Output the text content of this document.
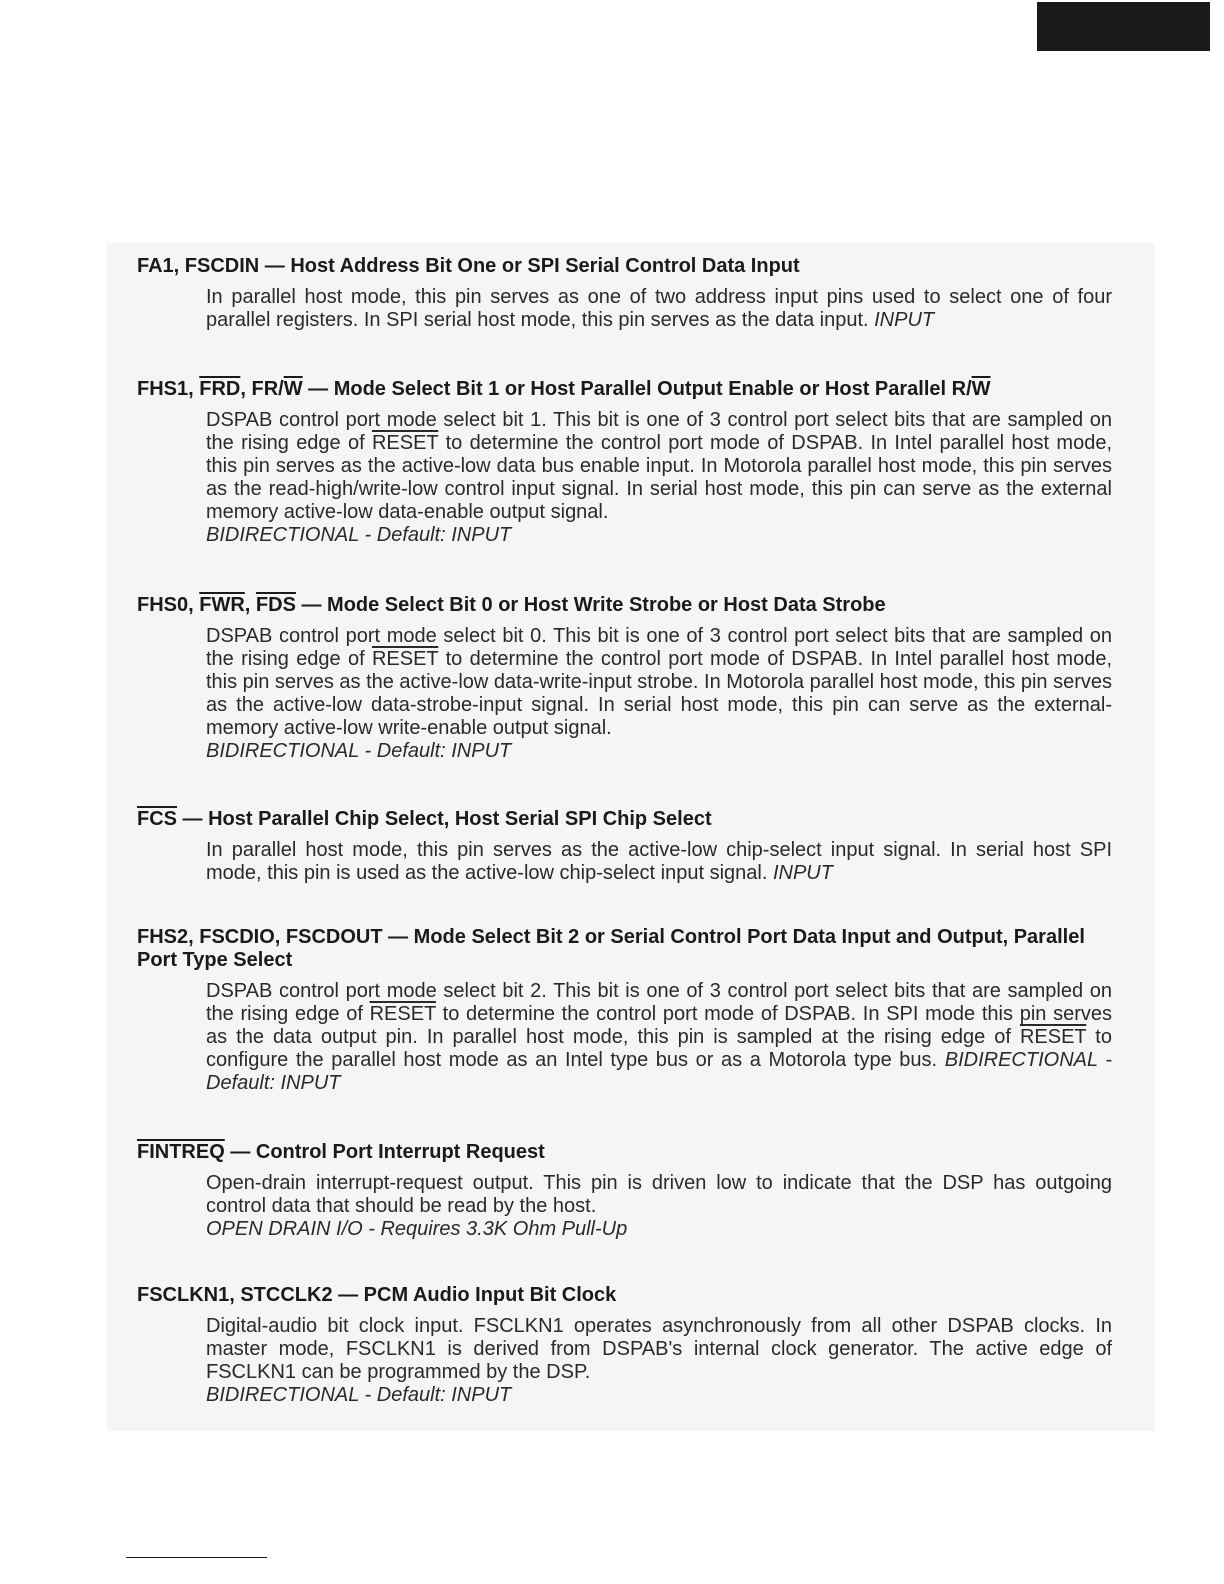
FA1, FSCDIN — Host Address Bit One or SPI Serial Control Data Input

In parallel host mode, this pin serves as one of two address input pins used to select one of four parallel registers. In SPI serial host mode, this pin serves as the data input. INPUT

FHS1, FRD, FR/W — Mode Select Bit 1 or Host Parallel Output Enable or Host Parallel R/W

DSPAB control port mode select bit 1. This bit is one of 3 control port select bits that are sampled on the rising edge of RESET to determine the control port mode of DSPAB. In Intel parallel host mode, this pin serves as the active-low data bus enable input. In Motorola parallel host mode, this pin serves as the read-high/write-low control input signal. In serial host mode, this pin can serve as the external memory active-low data-enable output signal.
BIDIRECTIONAL - Default: INPUT

FHS0, FWR, FDS — Mode Select Bit 0 or Host Write Strobe or Host Data Strobe

DSPAB control port mode select bit 0. This bit is one of 3 control port select bits that are sampled on the rising edge of RESET to determine the control port mode of DSPAB. In Intel parallel host mode, this pin serves as the active-low data-write-input strobe. In Motorola parallel host mode, this pin serves as the active-low data-strobe-input signal. In serial host mode, this pin can serve as the external-memory active-low write-enable output signal.
BIDIRECTIONAL - Default: INPUT

FCS — Host Parallel Chip Select, Host Serial SPI Chip Select

In parallel host mode, this pin serves as the active-low chip-select input signal. In serial host SPI mode, this pin is used as the active-low chip-select input signal. INPUT

FHS2, FSCDIO, FSCDOUT — Mode Select Bit 2 or Serial Control Port Data Input and Output, Parallel Port Type Select

DSPAB control port mode select bit 2. This bit is one of 3 control port select bits that are sampled on the rising edge of RESET to determine the control port mode of DSPAB. In SPI mode this pin serves as the data output pin. In parallel host mode, this pin is sampled at the rising edge of RESET to configure the parallel host mode as an Intel type bus or as a Motorola type bus. BIDIRECTIONAL - Default: INPUT

FINTREQ — Control Port Interrupt Request

Open-drain interrupt-request output. This pin is driven low to indicate that the DSP has outgoing control data that should be read by the host.
OPEN DRAIN I/O - Requires 3.3K Ohm Pull-Up

FSCLKN1, STCCLK2 — PCM Audio Input Bit Clock

Digital-audio bit clock input. FSCLKN1 operates asynchronously from all other DSPAB clocks. In master mode, FSCLKN1 is derived from DSPAB's internal clock generator. The active edge of FSCLKN1 can be programmed by the DSP.
BIDIRECTIONAL - Default: INPUT
